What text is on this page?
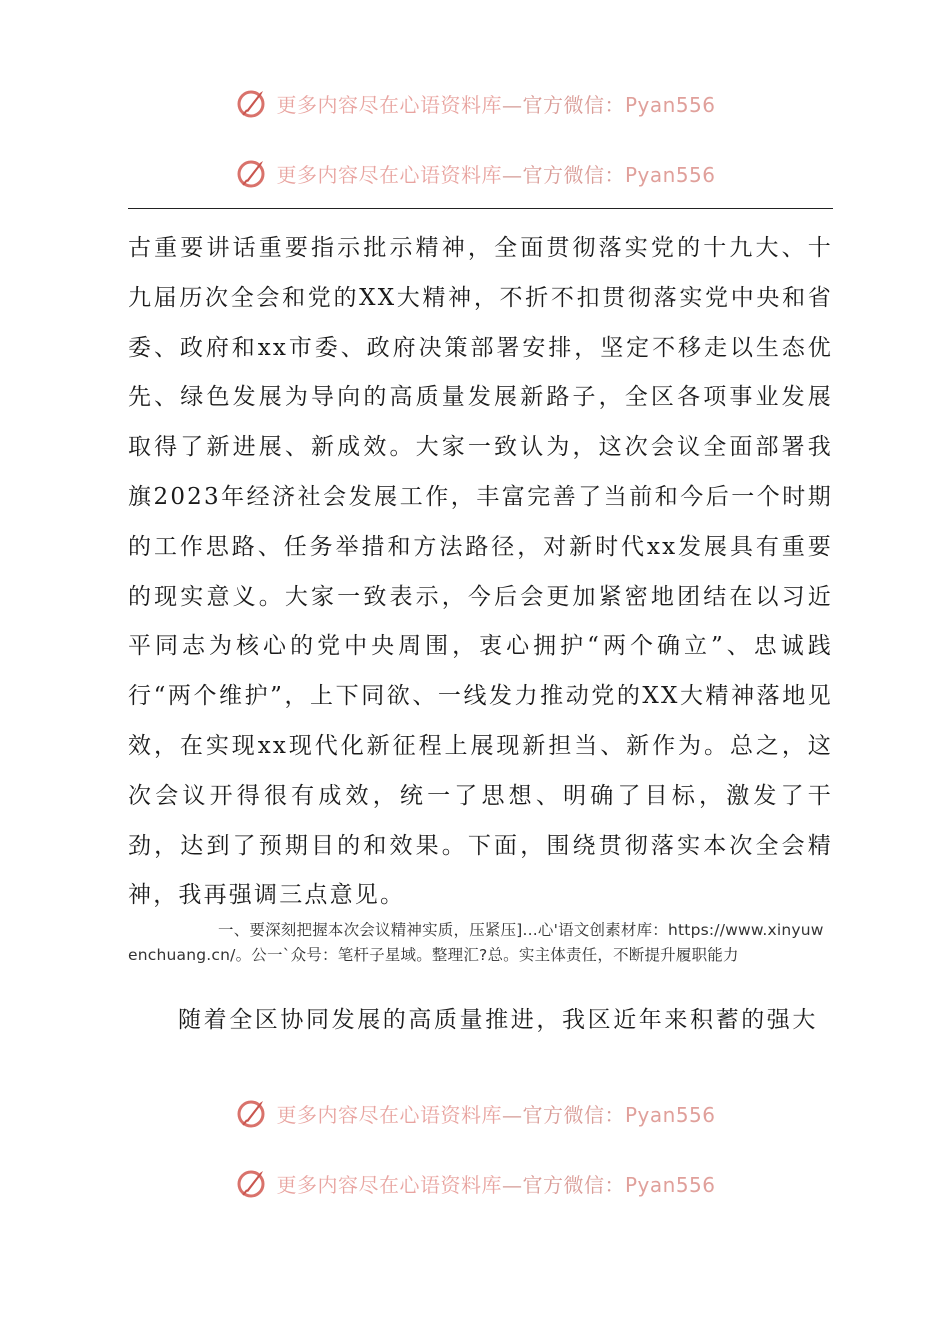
更多内容尽在心语资料库—官方微信：Pyan556
更多内容尽在心语资料库—官方微信：Pyan556

古重要讲话重要指示批示精神，全面贯彻落实党的十九大、十九届历次全会和党的XX大精神，不折不扣贯彻落实党中央和省委、政府和xx市委、政府决策部署安排，坚定不移走以生态优先、绿色发展为导向的高质量发展新路子，全区各项事业发展取得了新进展、新成效。大家一致认为，这次会议全面部署我旗2023年经济社会发展工作，丰富完善了当前和今后一个时期的工作思路、任务举措和方法路径，对新时代xx发展具有重要的现实意义。大家一致表示，今后会更加紧密地团结在以习近平同志为核心的党中央周围，衷心拥护“两个确立”、忠诚践行“两个维护”，上下同欲、一线发力推动党的XX大精神落地见效，在实现xx现代化新征程上展现新担当、新作为。总之，这次会议开得很有成效，统一了思想、明确了目标，激发了干劲，达到了预期目的和效果。下面，围绕贯彻落实本次全会精神，我再强调三点意见。

一、要深刻把握本次会议精神实质，压紧压]...心'语文创素材库：https://www.xinyuwenchuang.cn/。公一`众号：笔杆子星域。整理汇?总。实主体责任，不断提升履职能力

随着全区协同发展的高质量推进，我区近年来积蓄的强大

更多内容尽在心语资料库—官方微信：Pyan556
更多内容尽在心语资料库—官方微信：Pyan556
